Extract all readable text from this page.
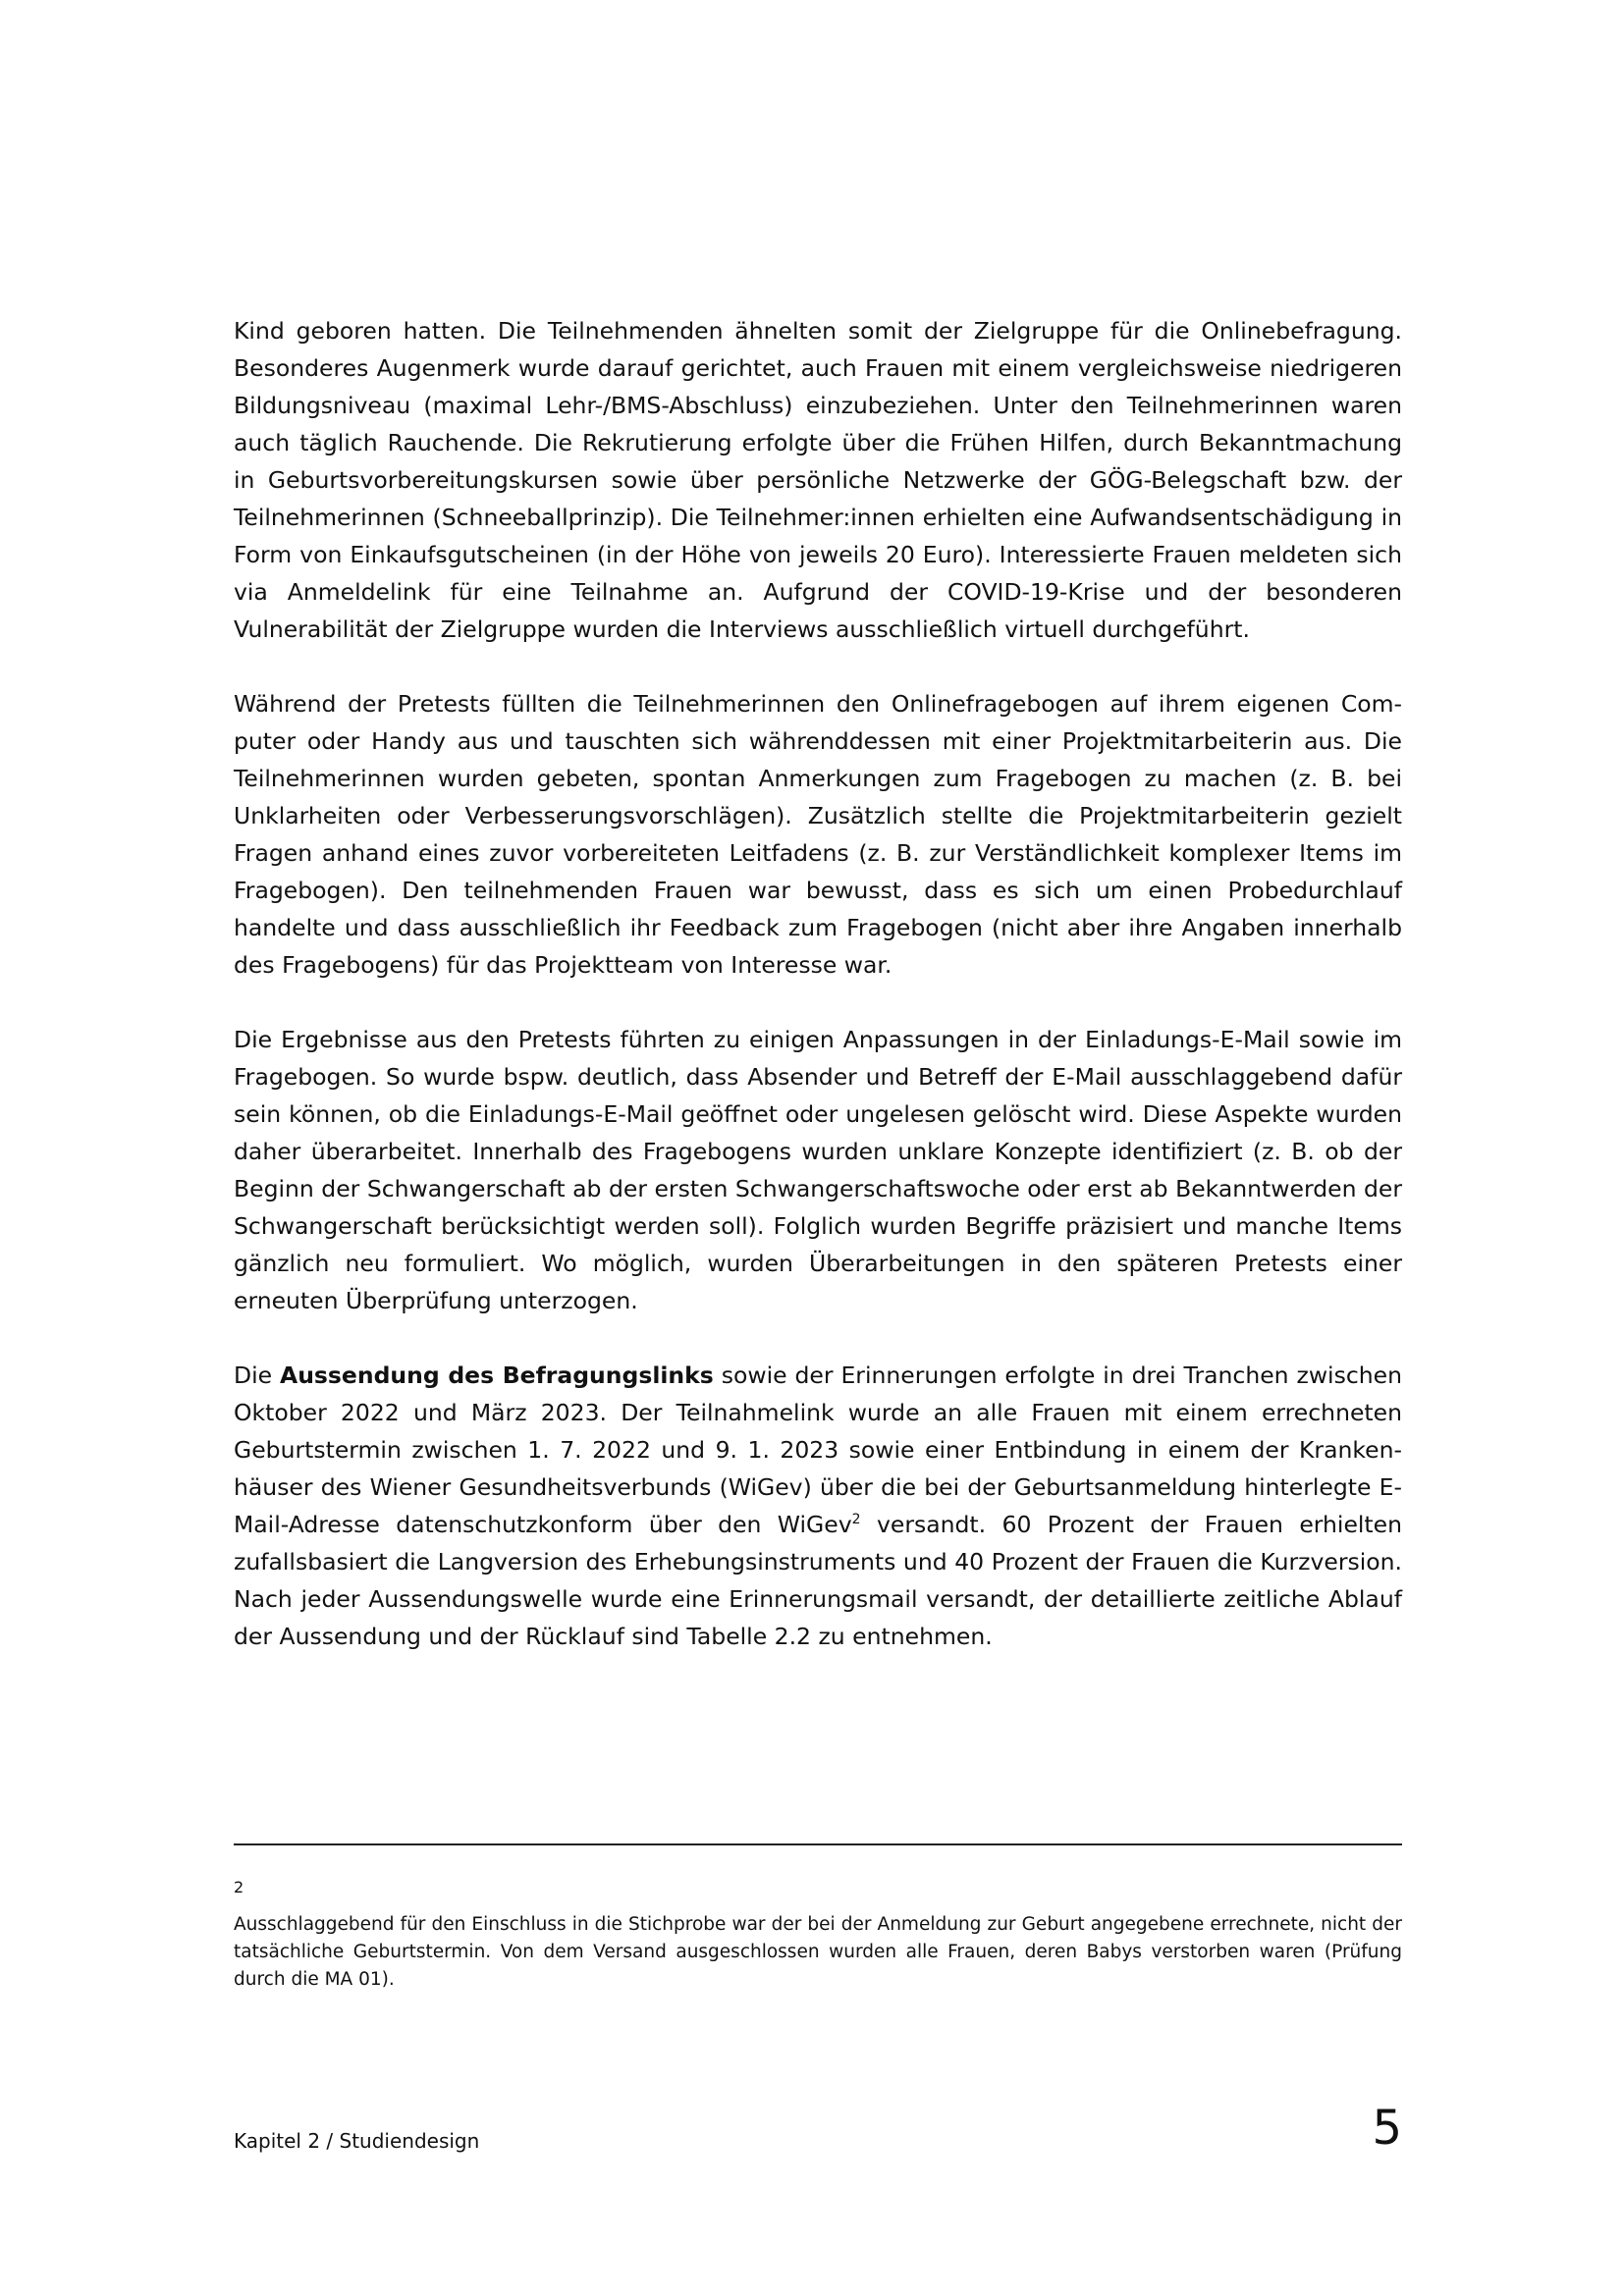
Kind geboren hatten. Die Teilnehmenden ähnelten somit der Zielgruppe für die Onlinebefragung. Besonderes Augenmerk wurde darauf gerichtet, auch Frauen mit einem vergleichsweise niedrigeren Bildungsniveau (maximal Lehr-/BMS-Abschluss) einzubeziehen. Unter den Teilnehmerinnen waren auch täglich Rauchende. Die Rekrutierung erfolgte über die Frühen Hilfen, durch Bekanntmachung in Geburtsvorbereitungskursen sowie über persönliche Netzwerke der GÖG-Belegschaft bzw. der Teilnehmerinnen (Schneeballprinzip). Die Teilnehmer:innen erhielten eine Aufwandsentschädigung in Form von Einkaufsgutscheinen (in der Höhe von jeweils 20 Euro). Interessierte Frauen meldeten sich via Anmeldelink für eine Teilnahme an. Aufgrund der COVID-19-Krise und der besonderen Vulnerabilität der Zielgruppe wurden die Interviews ausschließlich virtuell durchgeführt.

Während der Pretests füllten die Teilnehmerinnen den Onlinefragebogen auf ihrem eigenen Computer oder Handy aus und tauschten sich währenddessen mit einer Projektmitarbeiterin aus. Die Teilnehmerinnen wurden gebeten, spontan Anmerkungen zum Fragebogen zu machen (z. B. bei Unklarheiten oder Verbesserungsvorschlägen). Zusätzlich stellte die Projektmitarbeiterin gezielt Fragen anhand eines zuvor vorbereiteten Leitfadens (z. B. zur Verständlichkeit komplexer Items im Fragebogen). Den teilnehmenden Frauen war bewusst, dass es sich um einen Probedurchlauf handelte und dass ausschließlich ihr Feedback zum Fragebogen (nicht aber ihre Angaben innerhalb des Fragebogens) für das Projektteam von Interesse war.

Die Ergebnisse aus den Pretests führten zu einigen Anpassungen in der Einladungs-E-Mail sowie im Fragebogen. So wurde bspw. deutlich, dass Absender und Betreff der E-Mail ausschlaggebend dafür sein können, ob die Einladungs-E-Mail geöffnet oder ungelesen gelöscht wird. Diese Aspekte wurden daher überarbeitet. Innerhalb des Fragebogens wurden unklare Konzepte identifiziert (z. B. ob der Beginn der Schwangerschaft ab der ersten Schwangerschaftswoche oder erst ab Bekanntwerden der Schwangerschaft berücksichtigt werden soll). Folglich wurden Begriffe präzisiert und manche Items gänzlich neu formuliert. Wo möglich, wurden Überarbeitungen in den späteren Pretests einer erneuten Überprüfung unterzogen.

Die Aussendung des Befragungslinks sowie der Erinnerungen erfolgte in drei Tranchen zwischen Oktober 2022 und März 2023. Der Teilnahmelink wurde an alle Frauen mit einem errechneten Geburtstermin zwischen 1. 7. 2022 und 9. 1. 2023 sowie einer Entbindung in einem der Krankenhäuser des Wiener Gesundheitsverbunds (WiGev) über die bei der Geburtsanmeldung hinterlegte E-Mail-Adresse datenschutzkonform über den WiGev$^2$ versandt. 60 Prozent der Frauen erhielten zufallsbasiert die Langversion des Erhebungsinstruments und 40 Prozent der Frauen die Kurzversion. Nach jeder Aussendungswelle wurde eine Erinnerungsmail versandt, der detaillierte zeitliche Ablauf der Aussendung und der Rücklauf sind Tabelle 2.2 zu entnehmen.

2
Ausschlaggebend für den Einschluss in die Stichprobe war der bei der Anmeldung zur Geburt angegebene errechnete, nicht der tatsächliche Geburtstermin. Von dem Versand ausgeschlossen wurden alle Frauen, deren Babys verstorben waren (Prüfung durch die MA 01).
Kapitel 2 / Studiendesign	5
